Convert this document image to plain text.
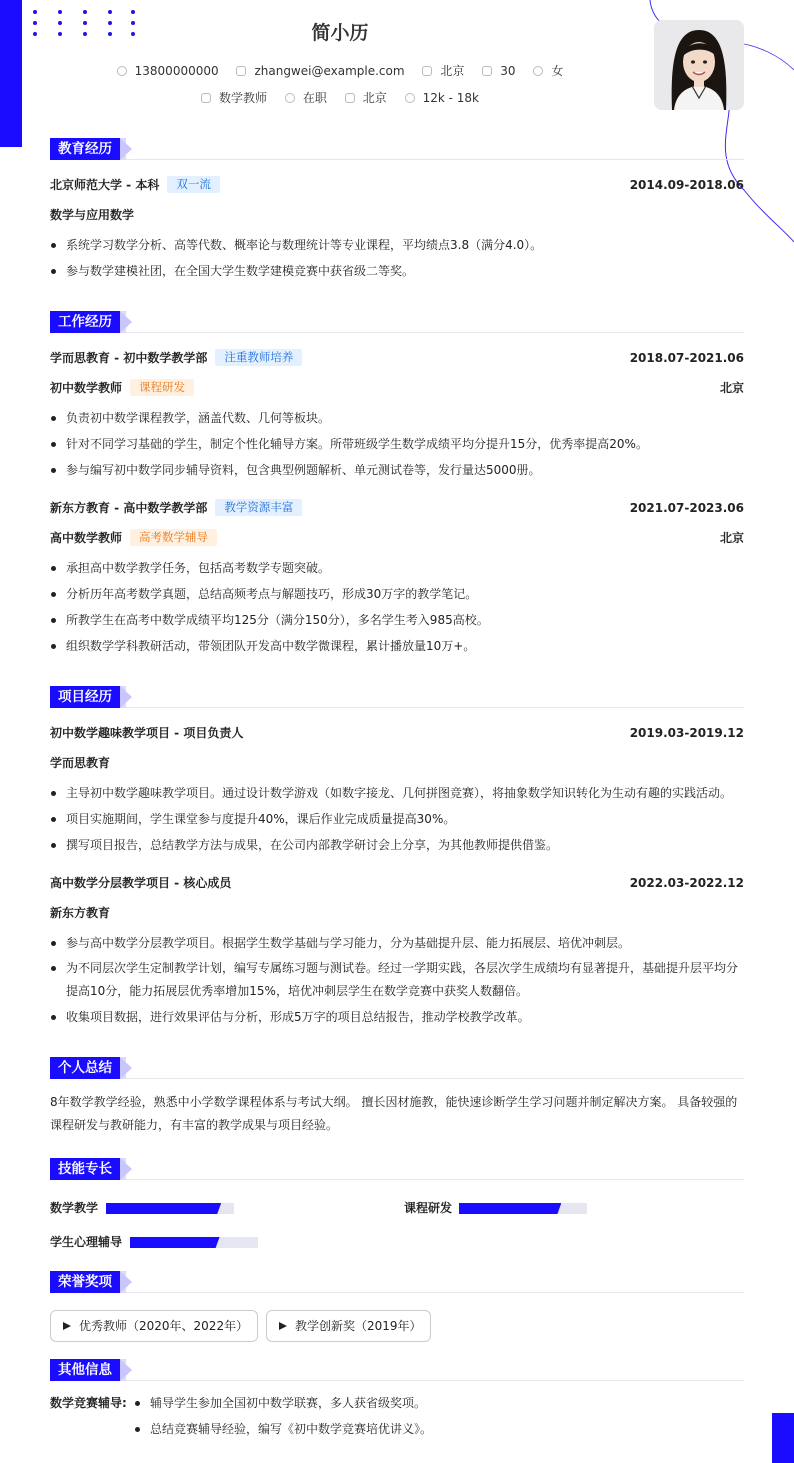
简小历
13800000000
	zhangwei@example.com
	北京
	30
	女
数学教师
	在职
	北京
	12k - 18k
教育经历
北京师范大学 - 本科 双一流	2014.09-2018.06
数学与应用数学
系统学习数学分析、高等代数、概率论与数理统计等专业课程，平均绩点3.8（满分4.0）。
参与数学建模社团，在全国大学生数学建模竞赛中获省级二等奖。
工作经历
学而思教育 - 初中数学教学部 注重教师培养	2018.07-2021.06
初中数学教师 课程研发	北京
负责初中数学课程教学，涵盖代数、几何等板块。
针对不同学习基础的学生，制定个性化辅导方案。所带班级学生数学成绩平均分提升15分，优秀率提高20%。
参与编写初中数学同步辅导资料，包含典型例题解析、单元测试卷等，发行量达5000册。
新东方教育 - 高中数学教学部 教学资源丰富	2021.07-2023.06
高中数学教师 高考数学辅导	北京
承担高中数学教学任务，包括高考数学专题突破。
分析历年高考数学真题，总结高频考点与解题技巧，形成30万字的教学笔记。
所教学生在高考中数学成绩平均125分（满分150分），多名学生考入985高校。
组织数学学科教研活动，带领团队开发高中数学微课程，累计播放量10万+。
项目经历
初中数学趣味教学项目 - 项目负责人	2019.03-2019.12
学而思教育
主导初中数学趣味教学项目。通过设计数学游戏（如数字接龙、几何拼图竞赛），将抽象数学知识转化为生动有趣的实践活动。
项目实施期间，学生课堂参与度提升40%，课后作业完成质量提高30%。
撰写项目报告，总结教学方法与成果，在公司内部教学研讨会上分享，为其他教师提供借鉴。
高中数学分层教学项目 - 核心成员	2022.03-2022.12
新东方教育
参与高中数学分层教学项目。根据学生数学基础与学习能力，分为基础提升层、能力拓展层、培优冲刺层。
为不同层次学生定制教学计划，编写专属练习题与测试卷。经过一学期实践，各层次学生成绩均有显著提升，基础提升层平均分提高10分，能力拓展层优秀率增加15%，培优冲刺层学生在数学竞赛中获奖人数翻倍。
收集项目数据，进行效果评估与分析，形成5万字的项目总结报告，推动学校教学改革。
个人总结
8年数学教学经验，熟悉中小学数学课程体系与考试大纲。 擅长因材施教，能快速诊断学生学习问题并制定解决方案。 具备较强的课程研发与教研能力，有丰富的教学成果与项目经验。
技能专长
数学教学	课程研发
学生心理辅导
荣誉奖项
优秀教师（2020年、2022年）	教学创新奖（2019年）
其他信息
数学竞赛辅导:	辅导学生参加全国初中数学联赛，多人获省级奖项。
总结竞赛辅导经验，编写《初中数学竞赛培优讲义》。
